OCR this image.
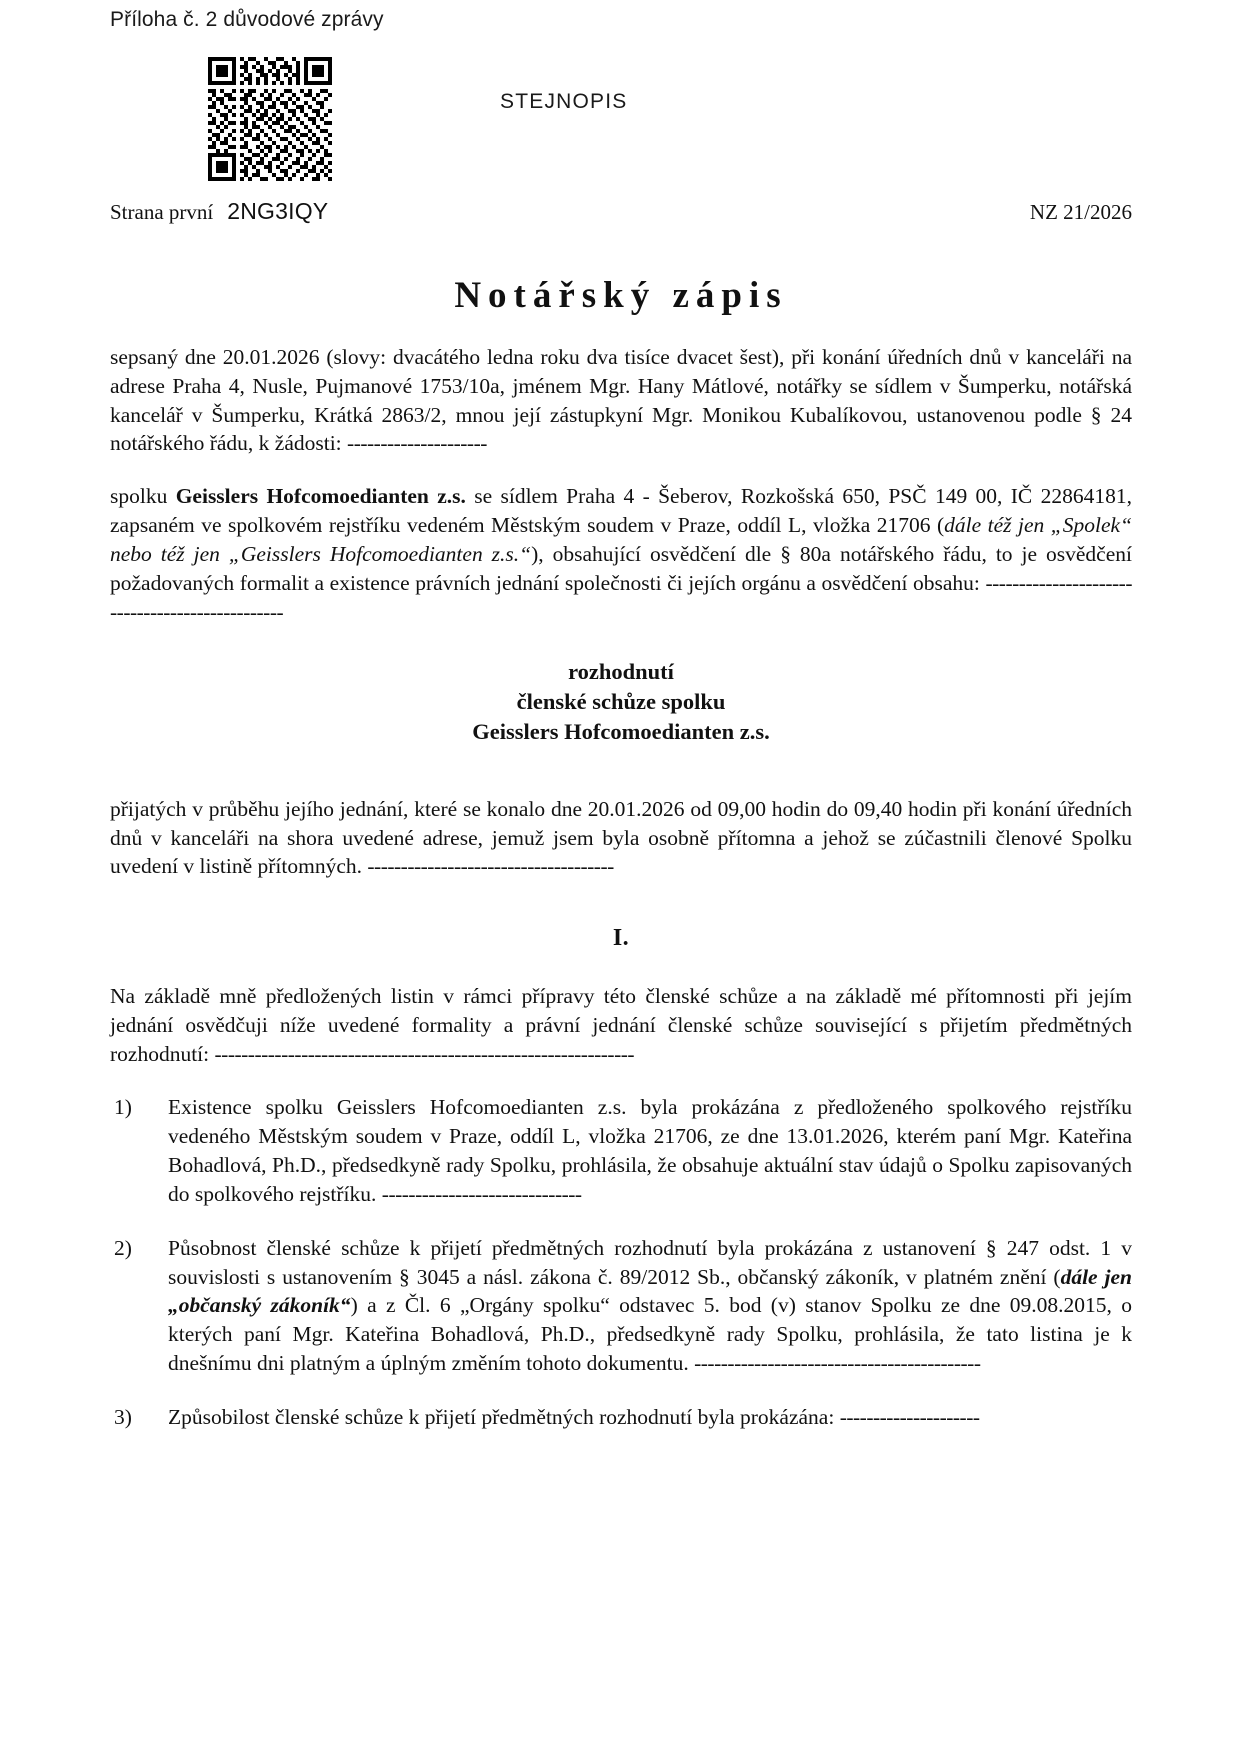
Příloha č. 2 důvodové zprávy
STEJNOPIS
Strana první 2NG3IQY	NZ 21/2026
Notářský zápis

sepsaný dne 20.01.2026 (slovy: dvacátého ledna roku dva tisíce dvacet šest), při konání úředních dnů v kanceláři na adrese Praha 4, Nusle, Pujmanové 1753/10a, jménem Mgr. Hany Mátlové, notářky se sídlem v Šumperku, notářská kancelář v Šumperku, Krátká 2863/2, mnou její zástupkyní Mgr. Monikou Kubalíkovou, ustanovenou podle § 24 notářského řádu, k žádosti: ---------------------

spolku Geisslers Hofcomoedianten z.s. se sídlem Praha 4 - Šeberov, Rozkošská 650, PSČ 149 00, IČ 22864181, zapsaném ve spolkovém rejstříku vedeném Městským soudem v Praze, oddíl L, vložka 21706 (dále též jen „Spolek“ nebo též jen „Geisslers Hofcomoedianten z.s.“), obsahující osvědčení dle § 80a notářského řádu, to je osvědčení požadovaných formalit a existence právních jednání společnosti či jejích orgánu a osvědčení obsahu: ------------------------------------------------

rozhodnutí
členské schůze spolku
Geisslers Hofcomoedianten z.s.

přijatých v průběhu jejího jednání, které se konalo dne 20.01.2026 od 09,00 hodin do 09,40 hodin při konání úředních dnů v kanceláři na shora uvedené adrese, jemuž jsem byla osobně přítomna a jehož se zúčastnili členové Spolku uvedení v listině přítomných. -------------------------------------

I.

Na základě mně předložených listin v rámci přípravy této členské schůze a na základě mé přítomnosti při jejím jednání osvědčuji níže uvedené formality a právní jednání členské schůze související s přijetím předmětných rozhodnutí: ---------------------------------------------------------------

1)	Existence spolku Geisslers Hofcomoedianten z.s. byla prokázána z předloženého spolkového rejstříku vedeného Městským soudem v Praze, oddíl L, vložka 21706, ze dne 13.01.2026, kterém paní Mgr. Kateřina Bohadlová, Ph.D., předsedkyně rady Spolku, prohlásila, že obsahuje aktuální stav údajů o Spolku zapisovaných do spolkového rejstříku. ------------------------------
2)	Působnost členské schůze k přijetí předmětných rozhodnutí byla prokázána z ustanovení § 247 odst. 1 v souvislosti s ustanovením § 3045 a násl. zákona č. 89/2012 Sb., občanský zákoník, v platném znění (dále jen „občanský zákoník“) a z Čl. 6 „Orgány spolku“ odstavec 5. bod (v) stanov Spolku ze dne 09.08.2015, o kterých paní Mgr. Kateřina Bohadlová, Ph.D., předsedkyně rady Spolku, prohlásila, že tato listina je k dnešnímu dni platným a úplným změním tohoto dokumentu. -------------------------------------------
3)	Způsobilost členské schůze k přijetí předmětných rozhodnutí byla prokázána: ---------------------
